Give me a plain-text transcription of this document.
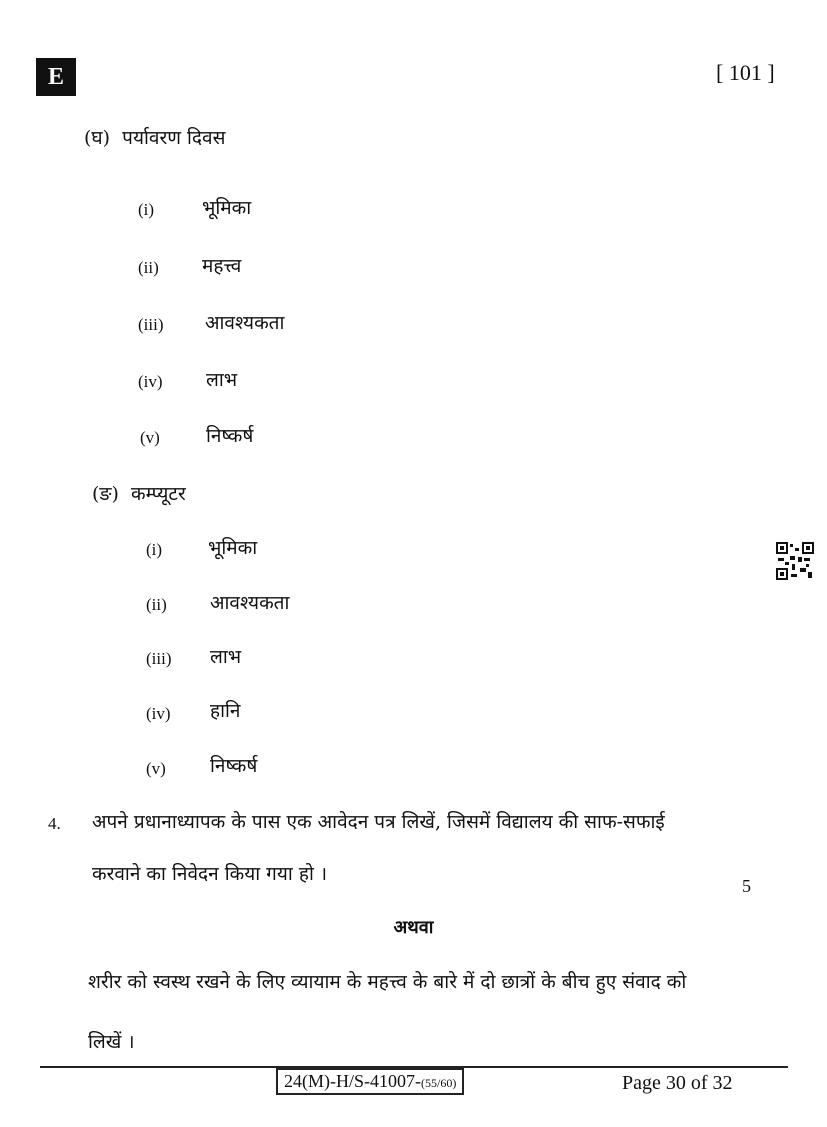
E	[ 101 ]
(घ) पर्यावरण दिवस
(i)	भूमिका
(ii) महत्त्व
(iii) आवश्यकता
(iv) लाभ
(v) निष्कर्ष
(ङ) कम्प्यूटर
(i) भूमिका
(ii) आवश्यकता
(iii) लाभ
(iv) हानि
(v) निष्कर्ष
4. अपने प्रधानाध्यापक के पास एक आवेदन पत्र लिखें, जिसमें विद्यालय की साफ-सफाई
करवाने का निवेदन किया गया हो ।
5
अथवा
शरीर को स्वस्थ रखने के लिए व्यायाम के महत्त्व के बारे में दो छात्रों के बीच हुए संवाद को
लिखें ।
24(M)-H/S-41007-(55/60)	Page 30 of 32
